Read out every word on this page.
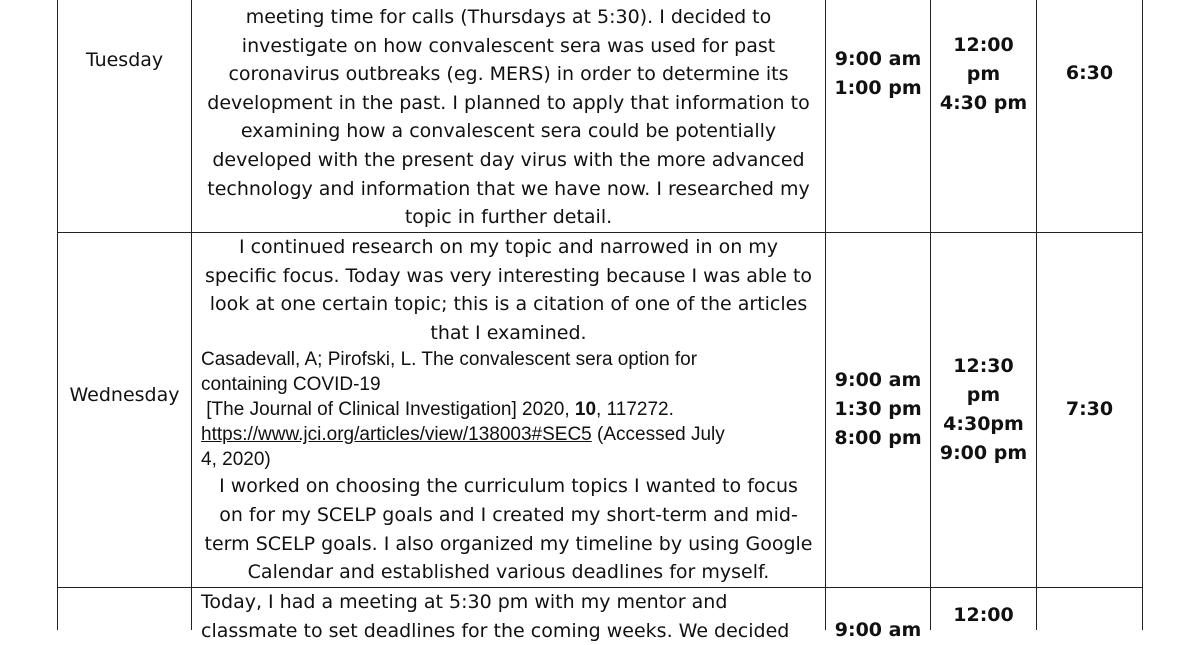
Tuesday
meeting time for calls (Thursdays at 5:30). I decided to
investigate on how convalescent sera was used for past
coronavirus outbreaks (eg. MERS) in order to determine its
development in the past. I planned to apply that information to
examining how a convalescent sera could be potentially
developed with the present day virus with the more advanced
technology and information that we have now. I researched my
topic in further detail.
9:00 am
1:00 pm
12:00
pm
4:30 pm
6:30
Wednesday
I continued research on my topic and narrowed in on my
specific focus. Today was very interesting because I was able to
look at one certain topic; this is a citation of one of the articles
that I examined.
Casadevall, A; Pirofski, L. The convalescent sera option for
containing COVID-19
[The Journal of Clinical Investigation] 2020, 10, 117272.
https://www.jci.org/articles/view/138003#SEC5 (Accessed July
4, 2020)
I worked on choosing the curriculum topics I wanted to focus
on for my SCELP goals and I created my short-term and mid-
term SCELP goals. I also organized my timeline by using Google
Calendar and established various deadlines for myself.
9:00 am
1:30 pm
8:00 pm
12:30
pm
4:30pm
9:00 pm
7:30
Today, I had a meeting at 5:30 pm with my mentor and
classmate to set deadlines for the coming weeks. We decided	9:00 am
12:00
